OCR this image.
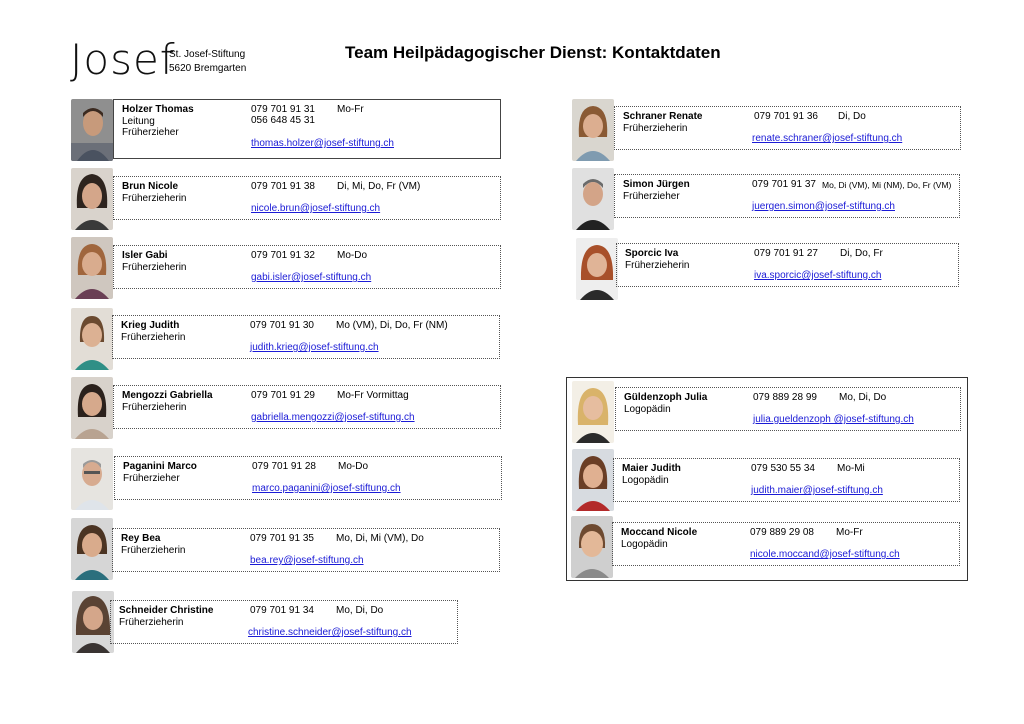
Josef
St. Josef-Stiftung
5620 Bremgarten
Team Heilpädagogischer Dienst: Kontaktdaten
Holzer Thomas
Leitung
Früherzieher
079 701 91 31
056 648 45 31
Mo-Fr
thomas.holzer@josef-stiftung.ch
Brun Nicole
Früherzieherin
079 701 91 38 Di, Mi, Do, Fr (VM)
nicole.brun@josef-stiftung.ch
Isler Gabi
Früherzieherin
079 701 91 32 Mo-Do
gabi.isler@josef-stiftung.ch
Krieg Judith
Früherzieherin
079 701 91 30 Mo (VM), Di, Do, Fr (NM)
judith.krieg@josef-stiftung.ch
Mengozzi Gabriella
Früherzieherin
079 701 91 29 Mo-Fr Vormittag
gabriella.mengozzi@josef-stiftung.ch
Paganini Marco
Früherzieher
079 701 91 28 Mo-Do
marco.paganini@josef-stiftung.ch
Rey Bea
Früherzieherin
079 701 91 35 Mo, Di, Mi (VM), Do
bea.rey@josef-stiftung.ch
Schneider Christine
Früherzieherin
079 701 91 34 Mo, Di, Do
christine.schneider@josef-stiftung.ch
Schraner Renate
Früherzieherin
079 701 91 36 Di, Do
renate.schraner@josef-stiftung.ch
Simon Jürgen
Früherzieher
079 701 91 37 Mo, Di (VM), Mi (NM), Do, Fr (VM)
juergen.simon@josef-stiftung.ch
Sporcic Iva
Früherzieherin
079 701 91 27 Di, Do, Fr
iva.sporcic@josef-stiftung.ch
Güldenzoph Julia
Logopädin
079 889 28 99 Mo, Di, Do
julia.gueldenzoph @josef-stiftung.ch
Maier Judith
Logopädin
079 530 55 34 Mo-Mi
judith.maier@josef-stiftung.ch
Moccand Nicole
Logopädin
079 889 29 08 Mo-Fr
nicole.moccand@josef-stiftung.ch
